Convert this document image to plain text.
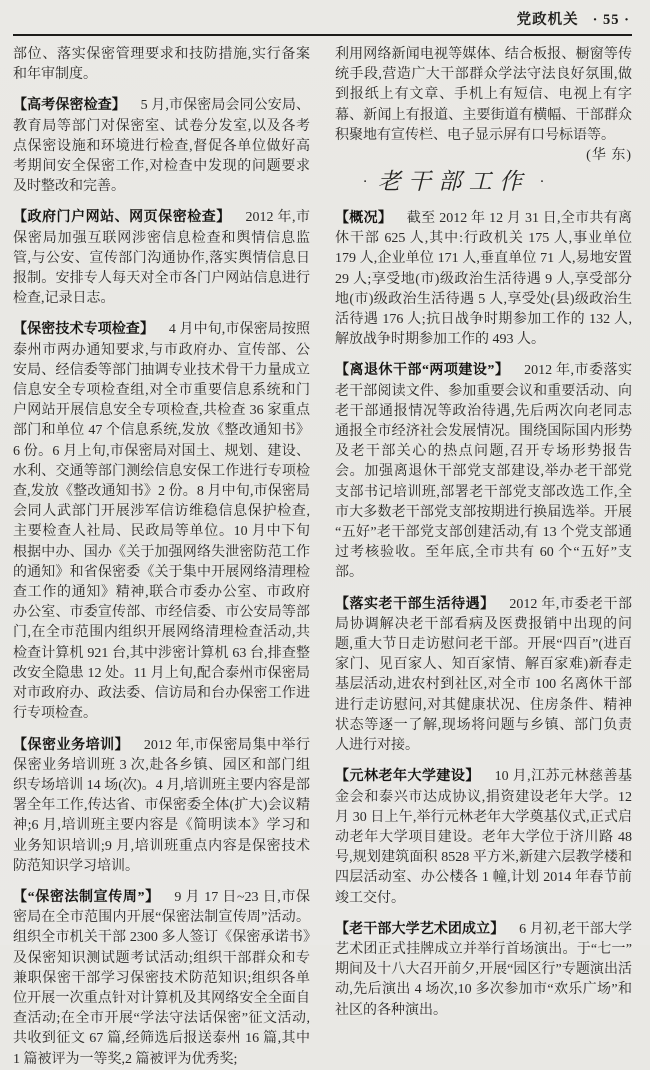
党政机关 · 55 ·

部位、落实保密管理要求和技防措施,实行备案和年审制度。

【高考保密检查】 5 月,市保密局会同公安局、教育局等部门对保密室、试卷分发室,以及各考点保密设施和环境进行检查,督促各单位做好高考期间安全保密工作,对检查中发现的问题要求及时整改和完善。

【政府门户网站、网页保密检查】 2012 年,市保密局加强互联网涉密信息检查和舆情信息监管,与公安、宣传部门沟通协作,落实舆情信息日报制。安排专人每天对全市各门户网站信息进行检查,记录日志。

【保密技术专项检查】 4 月中旬,市保密局按照泰州市两办通知要求,与市政府办、宣传部、公安局、经信委等部门抽调专业技术骨干力量成立信息安全专项检查组,对全市重要信息系统和门户网站开展信息安全专项检查,共检查 36 家重点部门和单位 47 个信息系统,发放《整改通知书》6 份。6 月上旬,市保密局对国土、规划、建设、水利、交通等部门测绘信息安保工作进行专项检查,发放《整改通知书》2 份。8 月中旬,市保密局会同人武部门开展涉军信访维稳信息保护检查,主要检查人社局、民政局等单位。10 月中下旬根据中办、国办《关于加强网络失泄密防范工作的通知》和省保密委《关于集中开展网络清理检查工作的通知》精神,联合市委办公室、市政府办公室、市委宣传部、市经信委、市公安局等部门,在全市范围内组织开展网络清理检查活动,共检查计算机 921 台,其中涉密计算机 63 台,排查整改安全隐患 12 处。11 月上旬,配合泰州市保密局对市政府办、政法委、信访局和台办保密工作进行专项检查。

【保密业务培训】 2012 年,市保密局集中举行保密业务培训班 3 次,赴各乡镇、园区和部门组织专场培训 14 场(次)。4 月,培训班主要内容是部署全年工作,传达省、市保密委全体(扩大)会议精神;6 月,培训班主要内容是《简明读本》学习和业务知识培训;9 月,培训班重点内容是保密技术防范知识学习培训。

【“保密法制宣传周”】 9 月 17 日~23 日,市保密局在全市范围内开展“保密法制宣传周”活动。组织全市机关干部 2300 多人签订《保密承诺书》及保密知识测试题考试活动;组织干部群众和专兼职保密干部学习保密技术防范知识;组织各单位开展一次重点针对计算机及其网络安全全面自查活动;在全市开展“学法守法话保密”征文活动,共收到征文 67 篇,经筛选后报送泰州 16 篇,其中 1 篇被评为一等奖,2 篇被评为优秀奖;

利用网络新闻电视等媒体、结合板报、橱窗等传统手段,营造广大干部群众学法守法良好氛围,做到报纸上有文章、手机上有短信、电视上有字幕、新闻上有报道、主要街道有横幅、干部群众积聚地有宣传栏、电子显示屏有口号标语等。
(华 东)

· 老干部工作 ·

【概况】 截至 2012 年 12 月 31 日,全市共有离休干部 625 人,其中:行政机关 175 人,事业单位 179 人,企业单位 171 人,垂直单位 71 人,易地安置 29 人;享受地(市)级政治生活待遇 9 人,享受部分地(市)级政治生活待遇 5 人,享受处(县)级政治生活待遇 176 人;抗日战争时期参加工作的 132 人,解放战争时期参加工作的 493 人。

【离退休干部“两项建设”】 2012 年,市委落实老干部阅读文件、参加重要会议和重要活动、向老干部通报情况等政治待遇,先后两次向老同志通报全市经济社会发展情况。围绕国际国内形势及老干部关心的热点问题,召开专场形势报告会。加强离退休干部党支部建设,举办老干部党支部书记培训班,部署老干部党支部改选工作,全市大多数老干部党支部按期进行换届选举。开展“五好”老干部党支部创建活动,有 13 个党支部通过考核验收。至年底,全市共有 60 个“五好”支部。

【落实老干部生活待遇】 2012 年,市委老干部局协调解决老干部看病及医费报销中出现的问题,重大节日走访慰问老干部。开展“四百”(进百家门、见百家人、知百家情、解百家难)新春走基层活动,进农村到社区,对全市 100 名离休干部进行走访慰问,对其健康状况、住房条件、精神状态等逐一了解,现场将问题与乡镇、部门负责人进行对接。

【元林老年大学建设】 10 月,江苏元林慈善基金会和泰兴市达成协议,捐资建设老年大学。12 月 30 日上午,举行元林老年大学奠基仪式,正式启动老年大学项目建设。老年大学位于济川路 48 号,规划建筑面积 8528 平方米,新建六层教学楼和四层活动室、办公楼各 1 幢,计划 2014 年春节前竣工交付。

【老干部大学艺术团成立】 6 月初,老干部大学艺术团正式挂牌成立并举行首场演出。于“七一”期间及十八大召开前夕,开展“园区行”专题演出活动,先后演出 4 场次,10 多次参加市“欢乐广场”和社区的各种演出。
